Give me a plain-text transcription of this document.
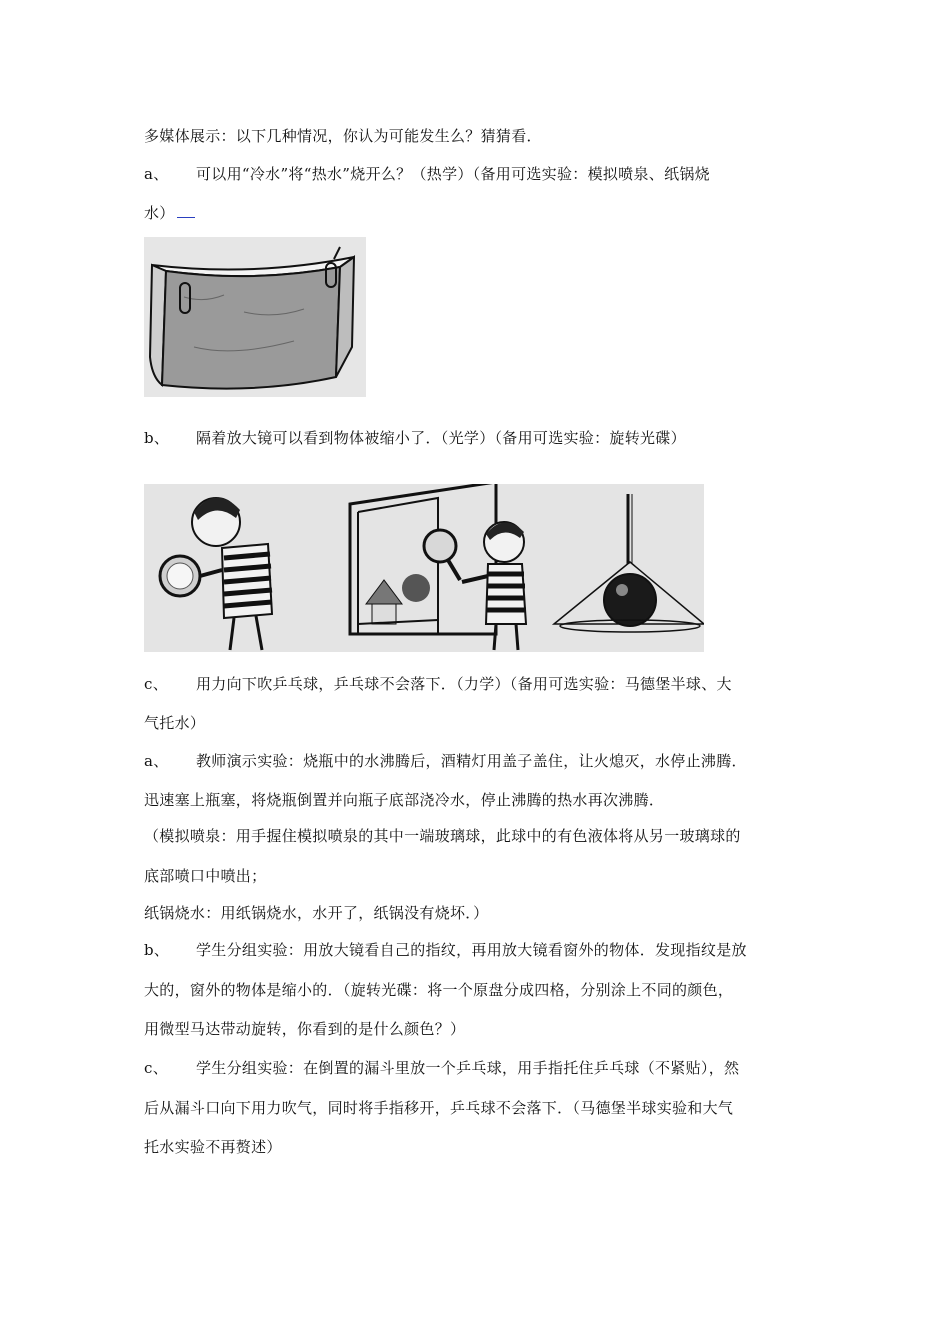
多媒体展示：以下几种情况，你认为可能发生么？猜猜看．
a、 可以用“冷水”将“热水”烧开么？（热学）（备用可选实验：模拟喷泉、纸锅烧
水）
b、 隔着放大镜可以看到物体被缩小了．（光学）（备用可选实验：旋转光碟）
c、 用力向下吹乒乓球，乒乓球不会落下．（力学）（备用可选实验：马德堡半球、大
气托水）
a、 教师演示实验：烧瓶中的水沸腾后，酒精灯用盖子盖住，让火熄灭，水停止沸腾．
迅速塞上瓶塞，将烧瓶倒置并向瓶子底部浇冷水，停止沸腾的热水再次沸腾．
（模拟喷泉：用手握住模拟喷泉的其中一端玻璃球，此球中的有色液体将从另一玻璃球的
底部喷口中喷出；
纸锅烧水：用纸锅烧水，水开了，纸锅没有烧坏．）
b、 学生分组实验：用放大镜看自己的指纹，再用放大镜看窗外的物体．发现指纹是放
大的，窗外的物体是缩小的．（旋转光碟：将一个原盘分成四格，分别涂上不同的颜色，
用微型马达带动旋转，你看到的是什么颜色？）
c、 学生分组实验：在倒置的漏斗里放一个乒乓球，用手指托住乒乓球（不紧贴），然
后从漏斗口向下用力吹气，同时将手指移开，乒乓球不会落下．（马德堡半球实验和大气
托水实验不再赘述）
